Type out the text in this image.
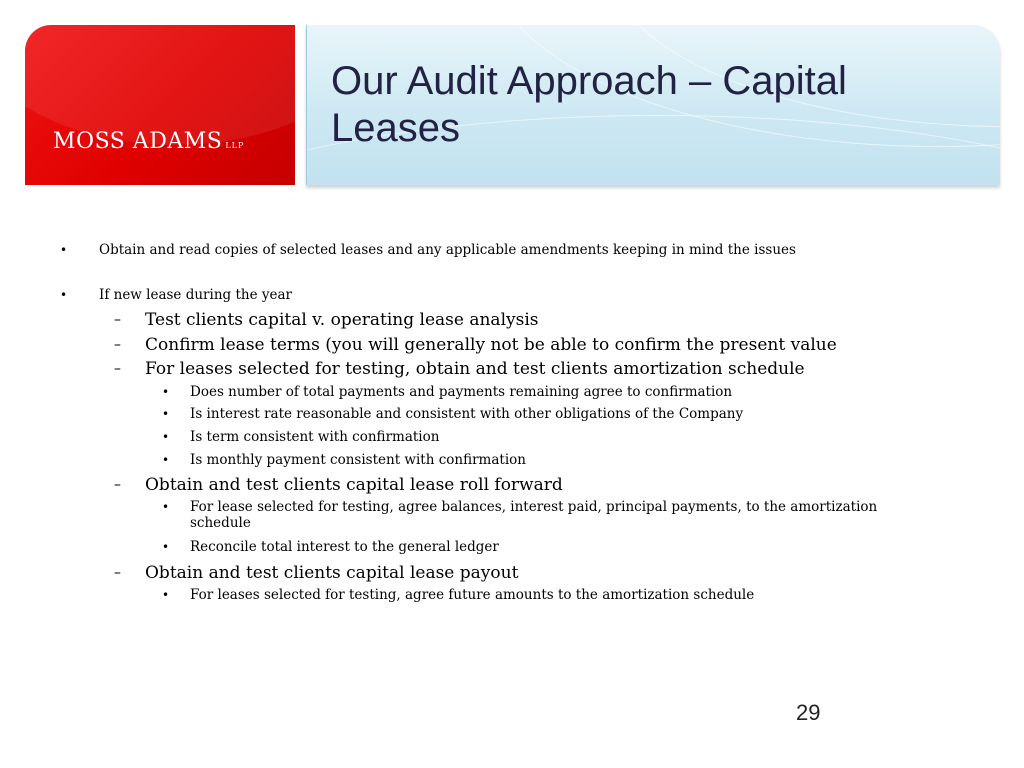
MOSS ADAMS LLP
Our Audit Approach – Capital Leases
• Obtain and read copies of selected leases and any applicable amendments keeping in mind the issues
• If new lease during the year
– Test clients capital v. operating lease analysis
– Confirm lease terms (you will generally not be able to confirm the present value
– For leases selected for testing, obtain and test clients amortization schedule
• Does number of total payments and payments remaining agree to confirmation
• Is interest rate reasonable and consistent with other obligations of the Company
• Is term consistent with confirmation
• Is monthly payment consistent with confirmation
– Obtain and test clients capital lease roll forward
• For lease selected for testing, agree balances, interest paid, principal payments, to the amortization schedule
• Reconcile total interest to the general ledger
– Obtain and test clients capital lease payout
• For leases selected for testing, agree future amounts to the amortization schedule
29
